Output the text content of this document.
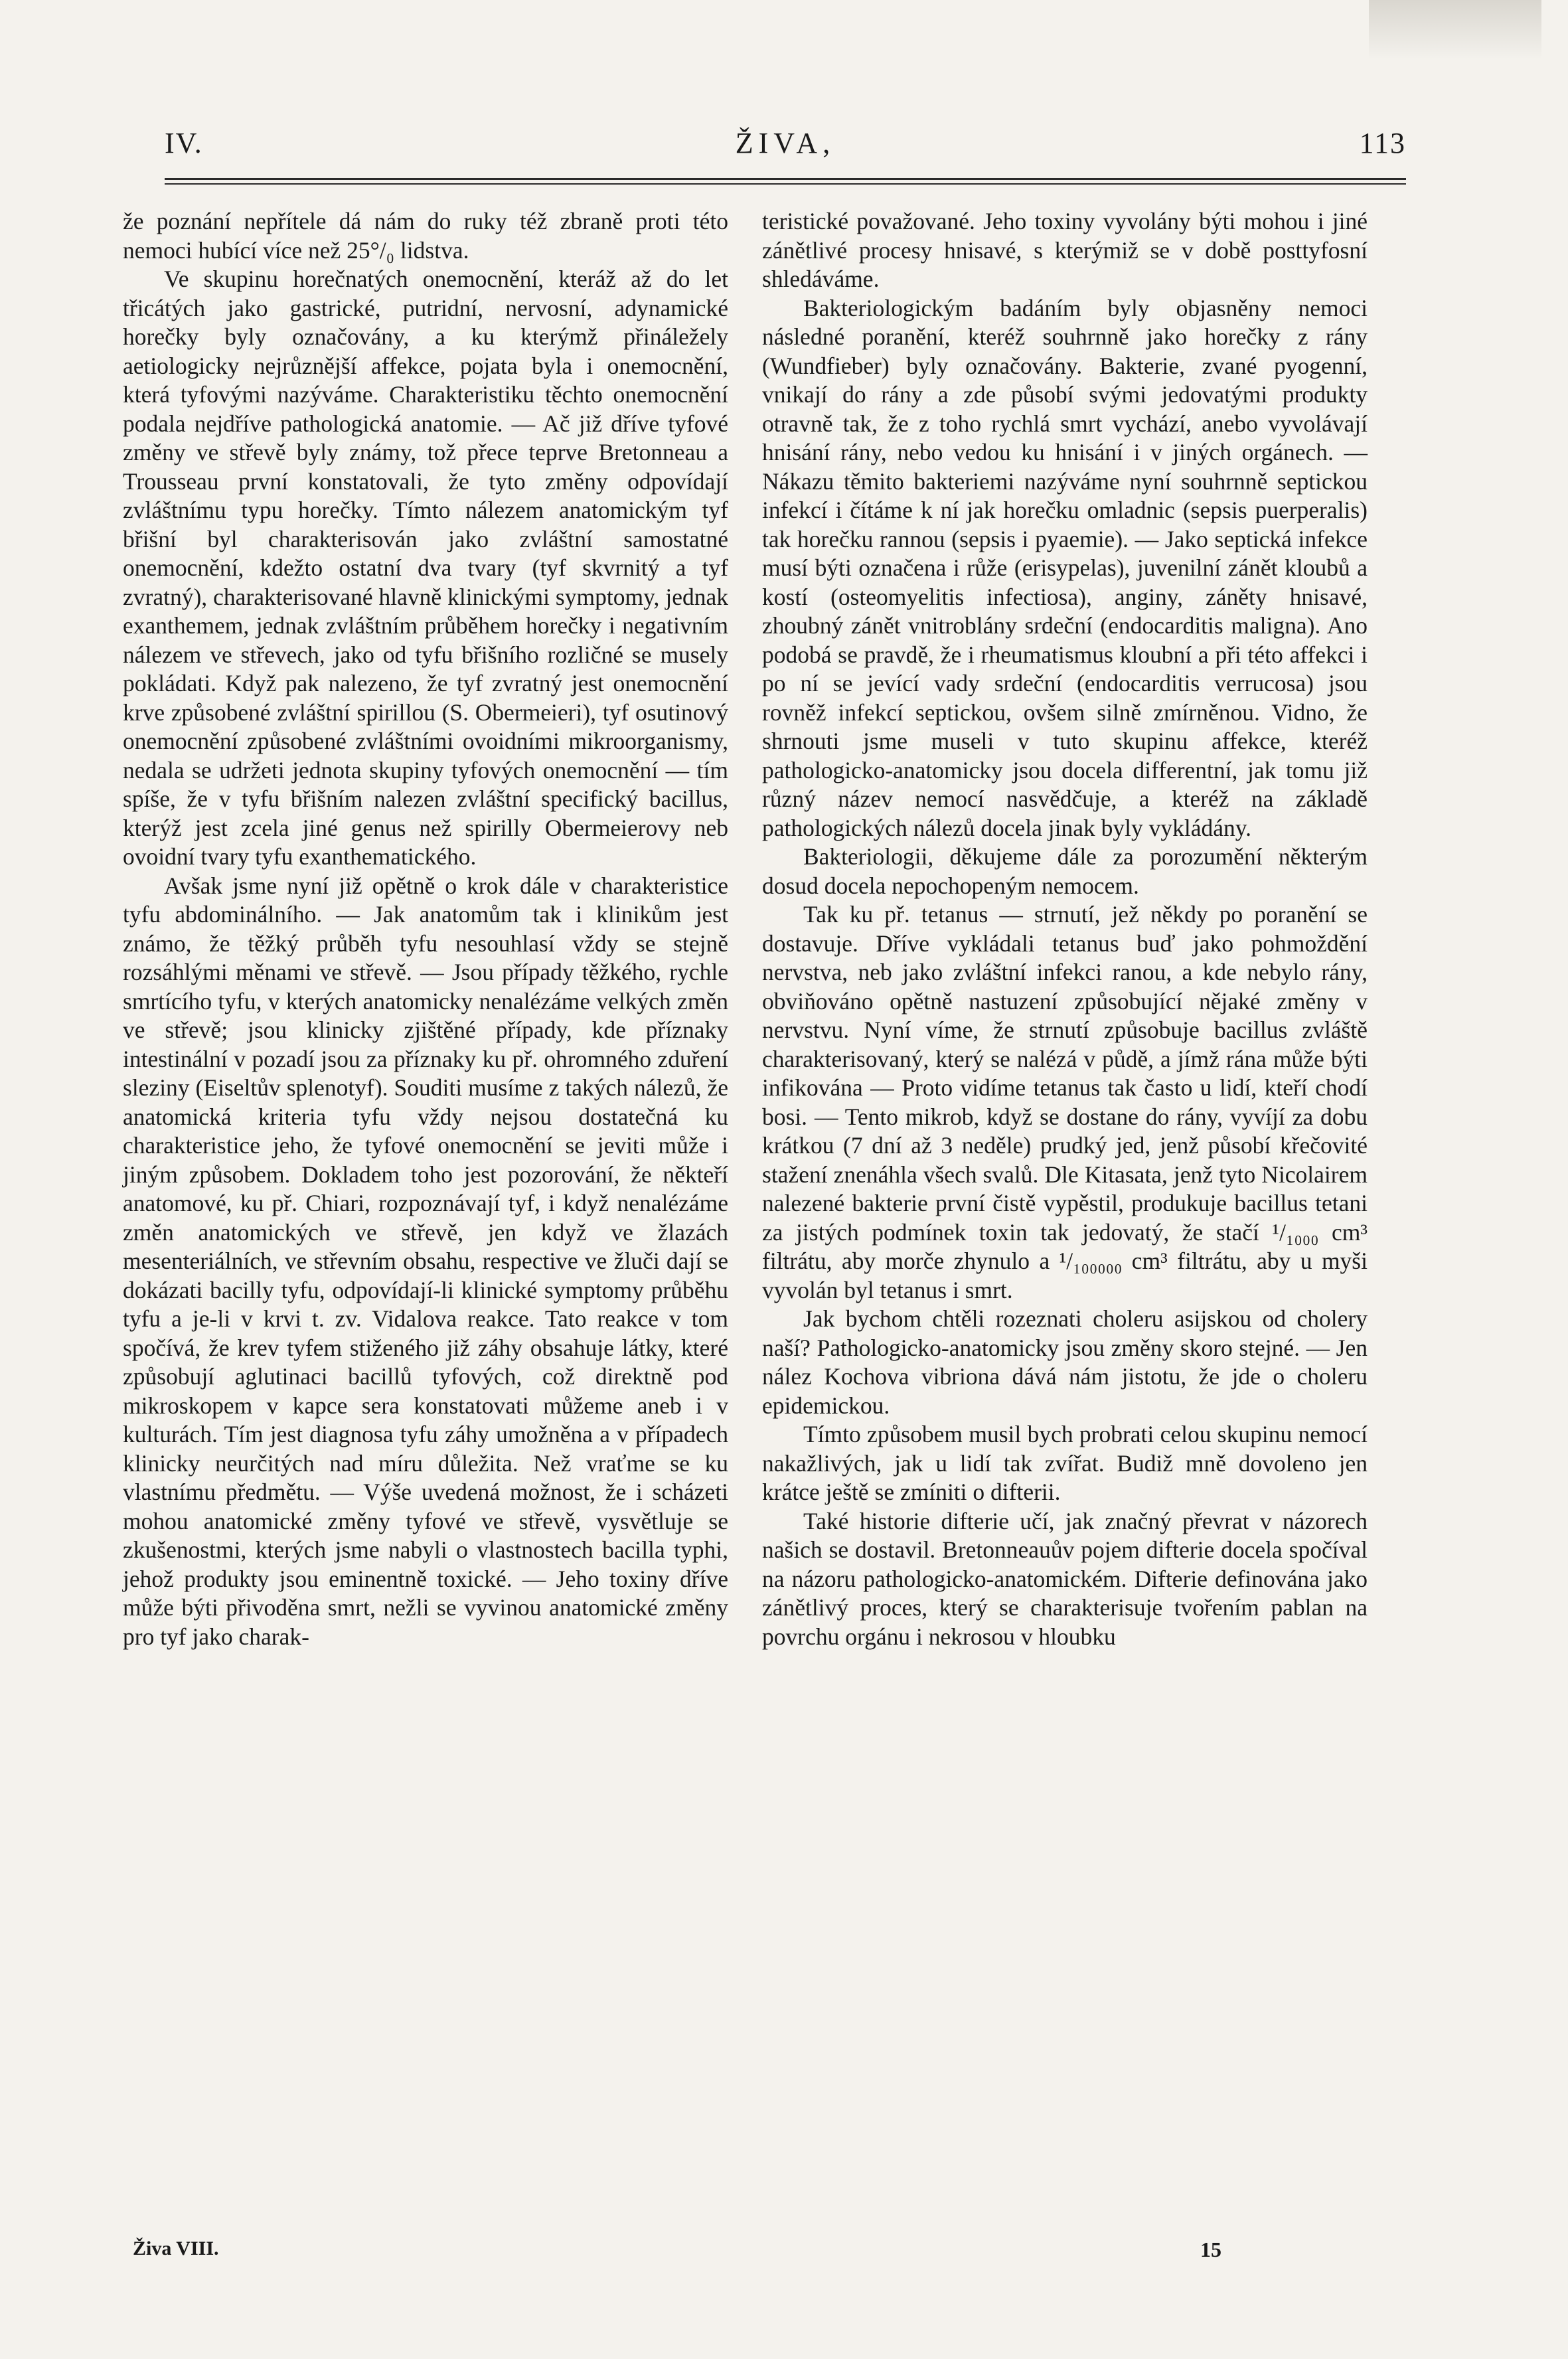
IV.	ŽIVA,	113

že poznání nepřítele dá nám do ruky též zbraně proti této nemoci hubící více než 25°/₀ lidstva.

Ve skupinu horečnatých onemocnění, kteráž až do let třicátých jako gastrické, putridní, nervosní, adynamické horečky byly označovány, a ku kterýmž přináležely aetiologicky nejrůznější affekce, pojata byla i onemocnění, která tyfovými nazýváme. Charakteristiku těchto onemocnění podala nejdříve pathologická anatomie. — Ač již dříve tyfové změny ve střevě byly známy, tož přece teprve Bretonneau a Trousseau první konstatovali, že tyto změny odpovídají zvláštnímu typu horečky. Tímto nálezem anatomickým tyf břišní byl charakterisován jako zvláštní samostatné onemocnění, kdežto ostatní dva tvary (tyf skvrnitý a tyf zvratný), charakterisované hlavně klinickými symptomy, jednak exanthemem, jednak zvláštním průběhem horečky i negativním nálezem ve střevech, jako od tyfu břišního rozličné se musely pokládati. Když pak nalezeno, že tyf zvratný jest onemocnění krve způsobené zvláštní spirillou (S. Obermeieri), tyf osutinový onemocnění způsobené zvláštními ovoidními mikroorganismy, nedala se udržeti jednota skupiny tyfových onemocnění — tím spíše, že v tyfu břišním nalezen zvláštní specifický bacillus, kterýž jest zcela jiné genus než spirilly Obermeierovy neb ovoidní tvary tyfu exanthematického.

Avšak jsme nyní již opětně o krok dále v charakteristice tyfu abdominálního. — Jak anatomům tak i klinikům jest známo, že těžký průběh tyfu nesouhlasí vždy se stejně rozsáhlými měnami ve střevě. — Jsou případy těžkého, rychle smrtícího tyfu, v kterých anatomicky nenalézáme velkých změn ve střevě; jsou klinicky zjištěné případy, kde příznaky intestinální v pozadí jsou za příznaky ku př. ohromného zduření sleziny (Eiseltův splenotyf). Souditi musíme z takých nálezů, že anatomická kriteria tyfu vždy nejsou dostatečná ku charakteristice jeho, že tyfové onemocnění se jeviti může i jiným způsobem. Dokladem toho jest pozorování, že někteří anatomové, ku př. Chiari, rozpoznávají tyf, i když nenalézáme změn anatomických ve střevě, jen když ve žlazách mesenteriálních, ve střevním obsahu, respective ve žluči dají se dokázati bacilly tyfu, odpovídají-li klinické symptomy průběhu tyfu a je-li v krvi t. zv. Vidalova reakce. Tato reakce v tom spočívá, že krev tyfem stiženého již záhy obsahuje látky, které způsobují aglutinaci bacillů tyfových, což direktně pod mikroskopem v kapce sera konstatovati můžeme aneb i v kulturách. Tím jest diagnosa tyfu záhy umožněna a v případech klinicky neurčitých nad míru důležita. Než vraťme se ku vlastnímu předmětu. — Výše uvedená možnost, že i scházeti mohou anatomické změny tyfové ve střevě, vysvětluje se zkušenostmi, kterých jsme nabyli o vlastnostech bacilla typhi, jehož produkty jsou eminentně toxické. — Jeho toxiny dříve může býti přivoděna smrt, nežli se vyvinou anatomické změny pro tyf jako charak-

teristické považované. Jeho toxiny vyvolány býti mohou i jiné zánětlivé procesy hnisavé, s kterýmiž se v době posttyfosní shledáváme.

Bakteriologickým badáním byly objasněny nemoci následné poranění, kteréž souhrnně jako horečky z rány (Wundfieber) byly označovány. Bakterie, zvané pyogenní, vnikají do rány a zde působí svými jedovatými produkty otravně tak, že z toho rychlá smrt vychází, anebo vyvolávají hnisání rány, nebo vedou ku hnisání i v jiných orgánech. — Nákazu těmito bakteriemi nazýváme nyní souhrnně septickou infekcí i čítáme k ní jak horečku omladnic (sepsis puerperalis) tak horečku rannou (sepsis i pyaemie). — Jako septická infekce musí býti označena i růže (erisypelas), juvenilní zánět kloubů a kostí (osteomyelitis infectiosa), anginy, záněty hnisavé, zhoubný zánět vnitroblány srdeční (endocarditis maligna). Ano podobá se pravdě, že i rheumatismus kloubní a při této affekci i po ní se jevící vady srdeční (endocarditis verrucosa) jsou rovněž infekcí septickou, ovšem silně zmírněnou. Vidno, že shrnouti jsme museli v tuto skupinu affekce, kteréž pathologicko-anatomicky jsou docela differentní, jak tomu již různý název nemocí nasvědčuje, a kteréž na základě pathologických nálezů docela jinak byly vykládány.

Bakteriologii, děkujeme dále za porozumění některým dosud docela nepochopeným nemocem.

Tak ku př. tetanus — strnutí, jež někdy po poranění se dostavuje. Dříve vykládali tetanus buď jako pohmoždění nervstva, neb jako zvláštní infekci ranou, a kde nebylo rány, obviňováno opětně nastuzení způsobující nějaké změny v nervstvu. Nyní víme, že strnutí způsobuje bacillus zvláště charakterisovaný, který se nalézá v půdě, a jímž rána může býti infikována — Proto vidíme tetanus tak často u lidí, kteří chodí bosi. — Tento mikrob, když se dostane do rány, vyvíjí za dobu krátkou (7 dní až 3 neděle) prudký jed, jenž působí křečovité stažení znenáhla všech svalů. Dle Kitasata, jenž tyto Nicolairem nalezené bakterie první čistě vypěstil, produkuje bacillus tetani za jistých podmínek toxin tak jedovatý, že stačí ¹/₁₀₀₀ cm³ filtrátu, aby morče zhynulo a ¹/₁₀₀₀₀₀ cm³ filtrátu, aby u myši vyvolán byl tetanus i smrt.

Jak bychom chtěli rozeznati choleru asijskou od cholery naší? Pathologicko-anatomicky jsou změny skoro stejné. — Jen nález Kochova vibriona dává nám jistotu, že jde o choleru epidemickou.

Tímto způsobem musil bych probrati celou skupinu nemocí nakažlivých, jak u lidí tak zvířat. Budiž mně dovoleno jen krátce ještě se zmíniti o difterii.

Také historie difterie učí, jak značný převrat v názorech našich se dostavil. Bretonneauův pojem difterie docela spočíval na názoru pathologicko-anatomickém. Difterie definována jako zánětlivý proces, který se charakterisuje tvořením pablan na povrchu orgánu i nekrosou v hloubku

Živa VIII.	15
